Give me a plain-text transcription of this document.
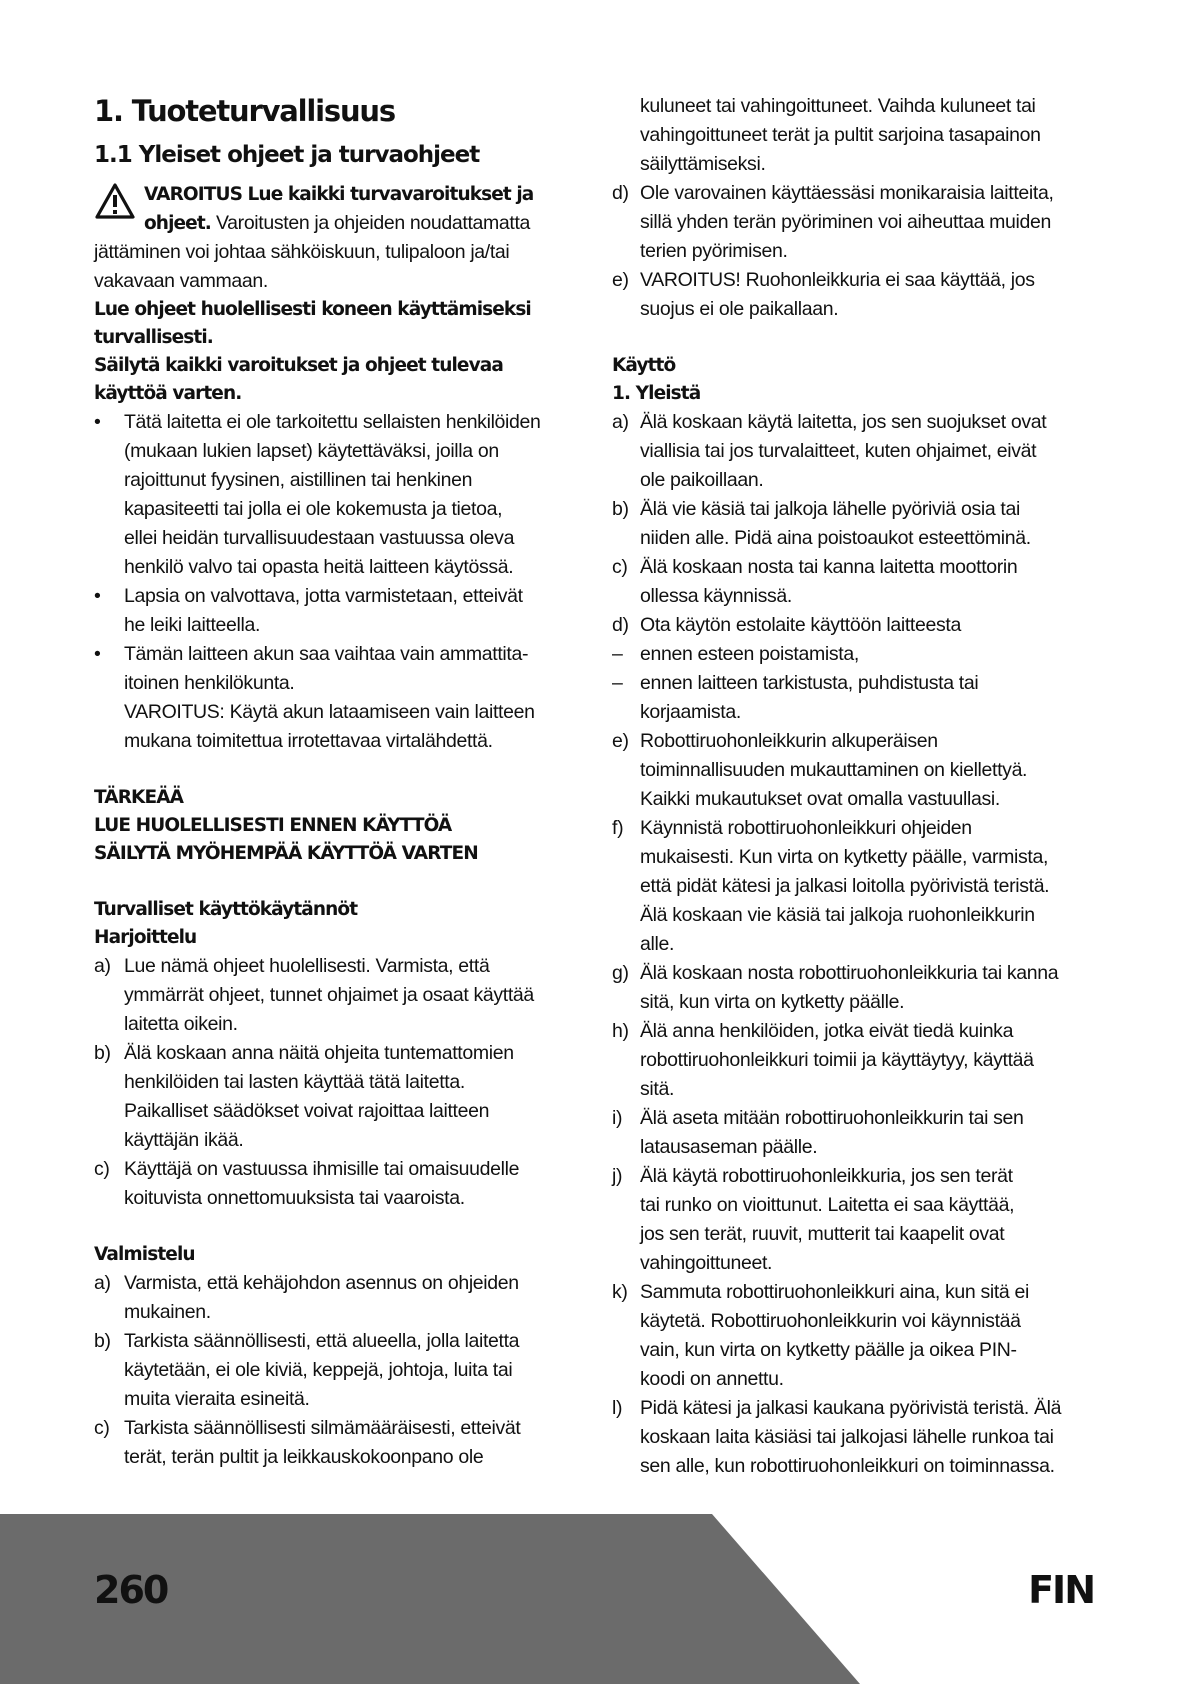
1. Tuoteturvallisuus
1.1 Yleiset ohjeet ja turvaohjeet
VAROITUS Lue kaikki turvavaroitukset ja
ohjeet. Varoitusten ja ohjeiden noudattamatta
jättäminen voi johtaa sähköiskuun, tulipaloon ja/tai
vakavaan vammaan.
Lue ohjeet huolellisesti koneen käyttämiseksi
turvallisesti.
Säilytä kaikki varoitukset ja ohjeet tulevaa
käyttöä varten.
•	Tätä laitetta ei ole tarkoitettu sellaisten henkilöiden
(mukaan lukien lapset) käytettäväksi, joilla on
rajoittunut fyysinen, aistillinen tai henkinen
kapasiteetti tai jolla ei ole kokemusta ja tietoa,
ellei heidän turvallisuudestaan vastuussa oleva
henkilö valvo tai opasta heitä laitteen käytössä.
•	Lapsia on valvottava, jotta varmistetaan, etteivät
he leiki laitteella.
•	Tämän laitteen akun saa vaihtaa vain ammattita-
itoinen henkilökunta.
VAROITUS: Käytä akun lataamiseen vain laitteen
mukana toimitettua irrotettavaa virtalähdettä.
TÄRKEÄÄ
LUE HUOLELLISESTI ENNEN KÄYTTÖÄ
SÄILYTÄ MYÖHEMPÄÄ KÄYTTÖÄ VARTEN
Turvalliset käyttökäytännöt
Harjoittelu
a) Lue nämä ohjeet huolellisesti. Varmista, että
ymmärrät ohjeet, tunnet ohjaimet ja osaat käyttää
laitetta oikein.
b) Älä koskaan anna näitä ohjeita tuntemattomien
henkilöiden tai lasten käyttää tätä laitetta.
Paikalliset säädökset voivat rajoittaa laitteen
käyttäjän ikää.
c) Käyttäjä on vastuussa ihmisille tai omaisuudelle
koituvista onnettomuuksista tai vaaroista.
Valmistelu
a) Varmista, että kehäjohdon asennus on ohjeiden
mukainen.
b) Tarkista säännöllisesti, että alueella, jolla laitetta
käytetään, ei ole kiviä, keppejä, johtoja, luita tai
muita vieraita esineitä.
c) Tarkista säännöllisesti silmämääräisesti, etteivät
terät, terän pultit ja leikkauskokoonpano ole
kuluneet tai vahingoittuneet. Vaihda kuluneet tai
vahingoittuneet terät ja pultit sarjoina tasapainon
säilyttämiseksi.
d) Ole varovainen käyttäessäsi monikaraisia laitteita,
sillä yhden terän pyöriminen voi aiheuttaa muiden
terien pyörimisen.
e) VAROITUS! Ruohonleikkuria ei saa käyttää, jos
suojus ei ole paikallaan.
Käyttö
1. Yleistä
a) Älä koskaan käytä laitetta, jos sen suojukset ovat
viallisia tai jos turvalaitteet, kuten ohjaimet, eivät
ole paikoillaan.
b) Älä vie käsiä tai jalkoja lähelle pyöriviä osia tai
niiden alle. Pidä aina poistoaukot esteettöminä.
c) Älä koskaan nosta tai kanna laitetta moottorin
ollessa käynnissä.
d) Ota käytön estolaite käyttöön laitteesta
– ennen esteen poistamista,
– ennen laitteen tarkistusta, puhdistusta tai
korjaamista.
e) Robottiruohonleikkurin alkuperäisen
toiminnallisuuden mukauttaminen on kiellettyä.
Kaikki mukautukset ovat omalla vastuullasi.
f) Käynnistä robottiruohonleikkuri ohjeiden
mukaisesti. Kun virta on kytketty päälle, varmista,
että pidät kätesi ja jalkasi loitolla pyörivistä teristä.
Älä koskaan vie käsiä tai jalkoja ruohonleikkurin
alle.
g) Älä koskaan nosta robottiruohonleikkuria tai kanna
sitä, kun virta on kytketty päälle.
h) Älä anna henkilöiden, jotka eivät tiedä kuinka
robottiruohonleikkuri toimii ja käyttäytyy, käyttää
sitä.
i) Älä aseta mitään robottiruohonleikkurin tai sen
latausaseman päälle.
j) Älä käytä robottiruohonleikkuria, jos sen terät
tai runko on vioittunut. Laitetta ei saa käyttää,
jos sen terät, ruuvit, mutterit tai kaapelit ovat
vahingoittuneet.
k) Sammuta robottiruohonleikkuri aina, kun sitä ei
käytetä. Robottiruohonleikkurin voi käynnistää
vain, kun virta on kytketty päälle ja oikea PIN-
koodi on annettu.
l) Pidä kätesi ja jalkasi kaukana pyörivistä teristä. Älä
koskaan laita käsiäsi tai jalkojasi lähelle runkoa tai
sen alle, kun robottiruohonleikkuri on toiminnassa.
260	FIN
